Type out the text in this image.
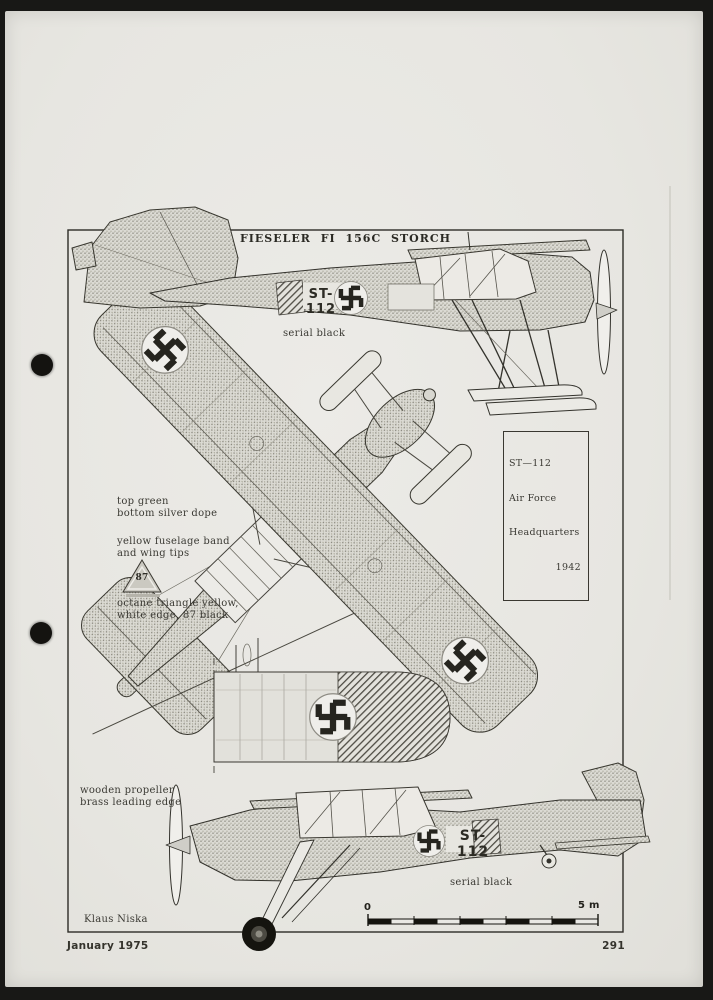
FIESELER FI 156C STORCH
ST-112
serial black

ST—112

Air Force

Headquarters

1942

top green
bottom silver dope
yellow fuselage band
and wing tips
87
octane triangle yellow,
white edge, 87 black
wooden propeller
brass leading edge
ST-112
serial black
Klaus Niska
0	5 m
January 1975	291
